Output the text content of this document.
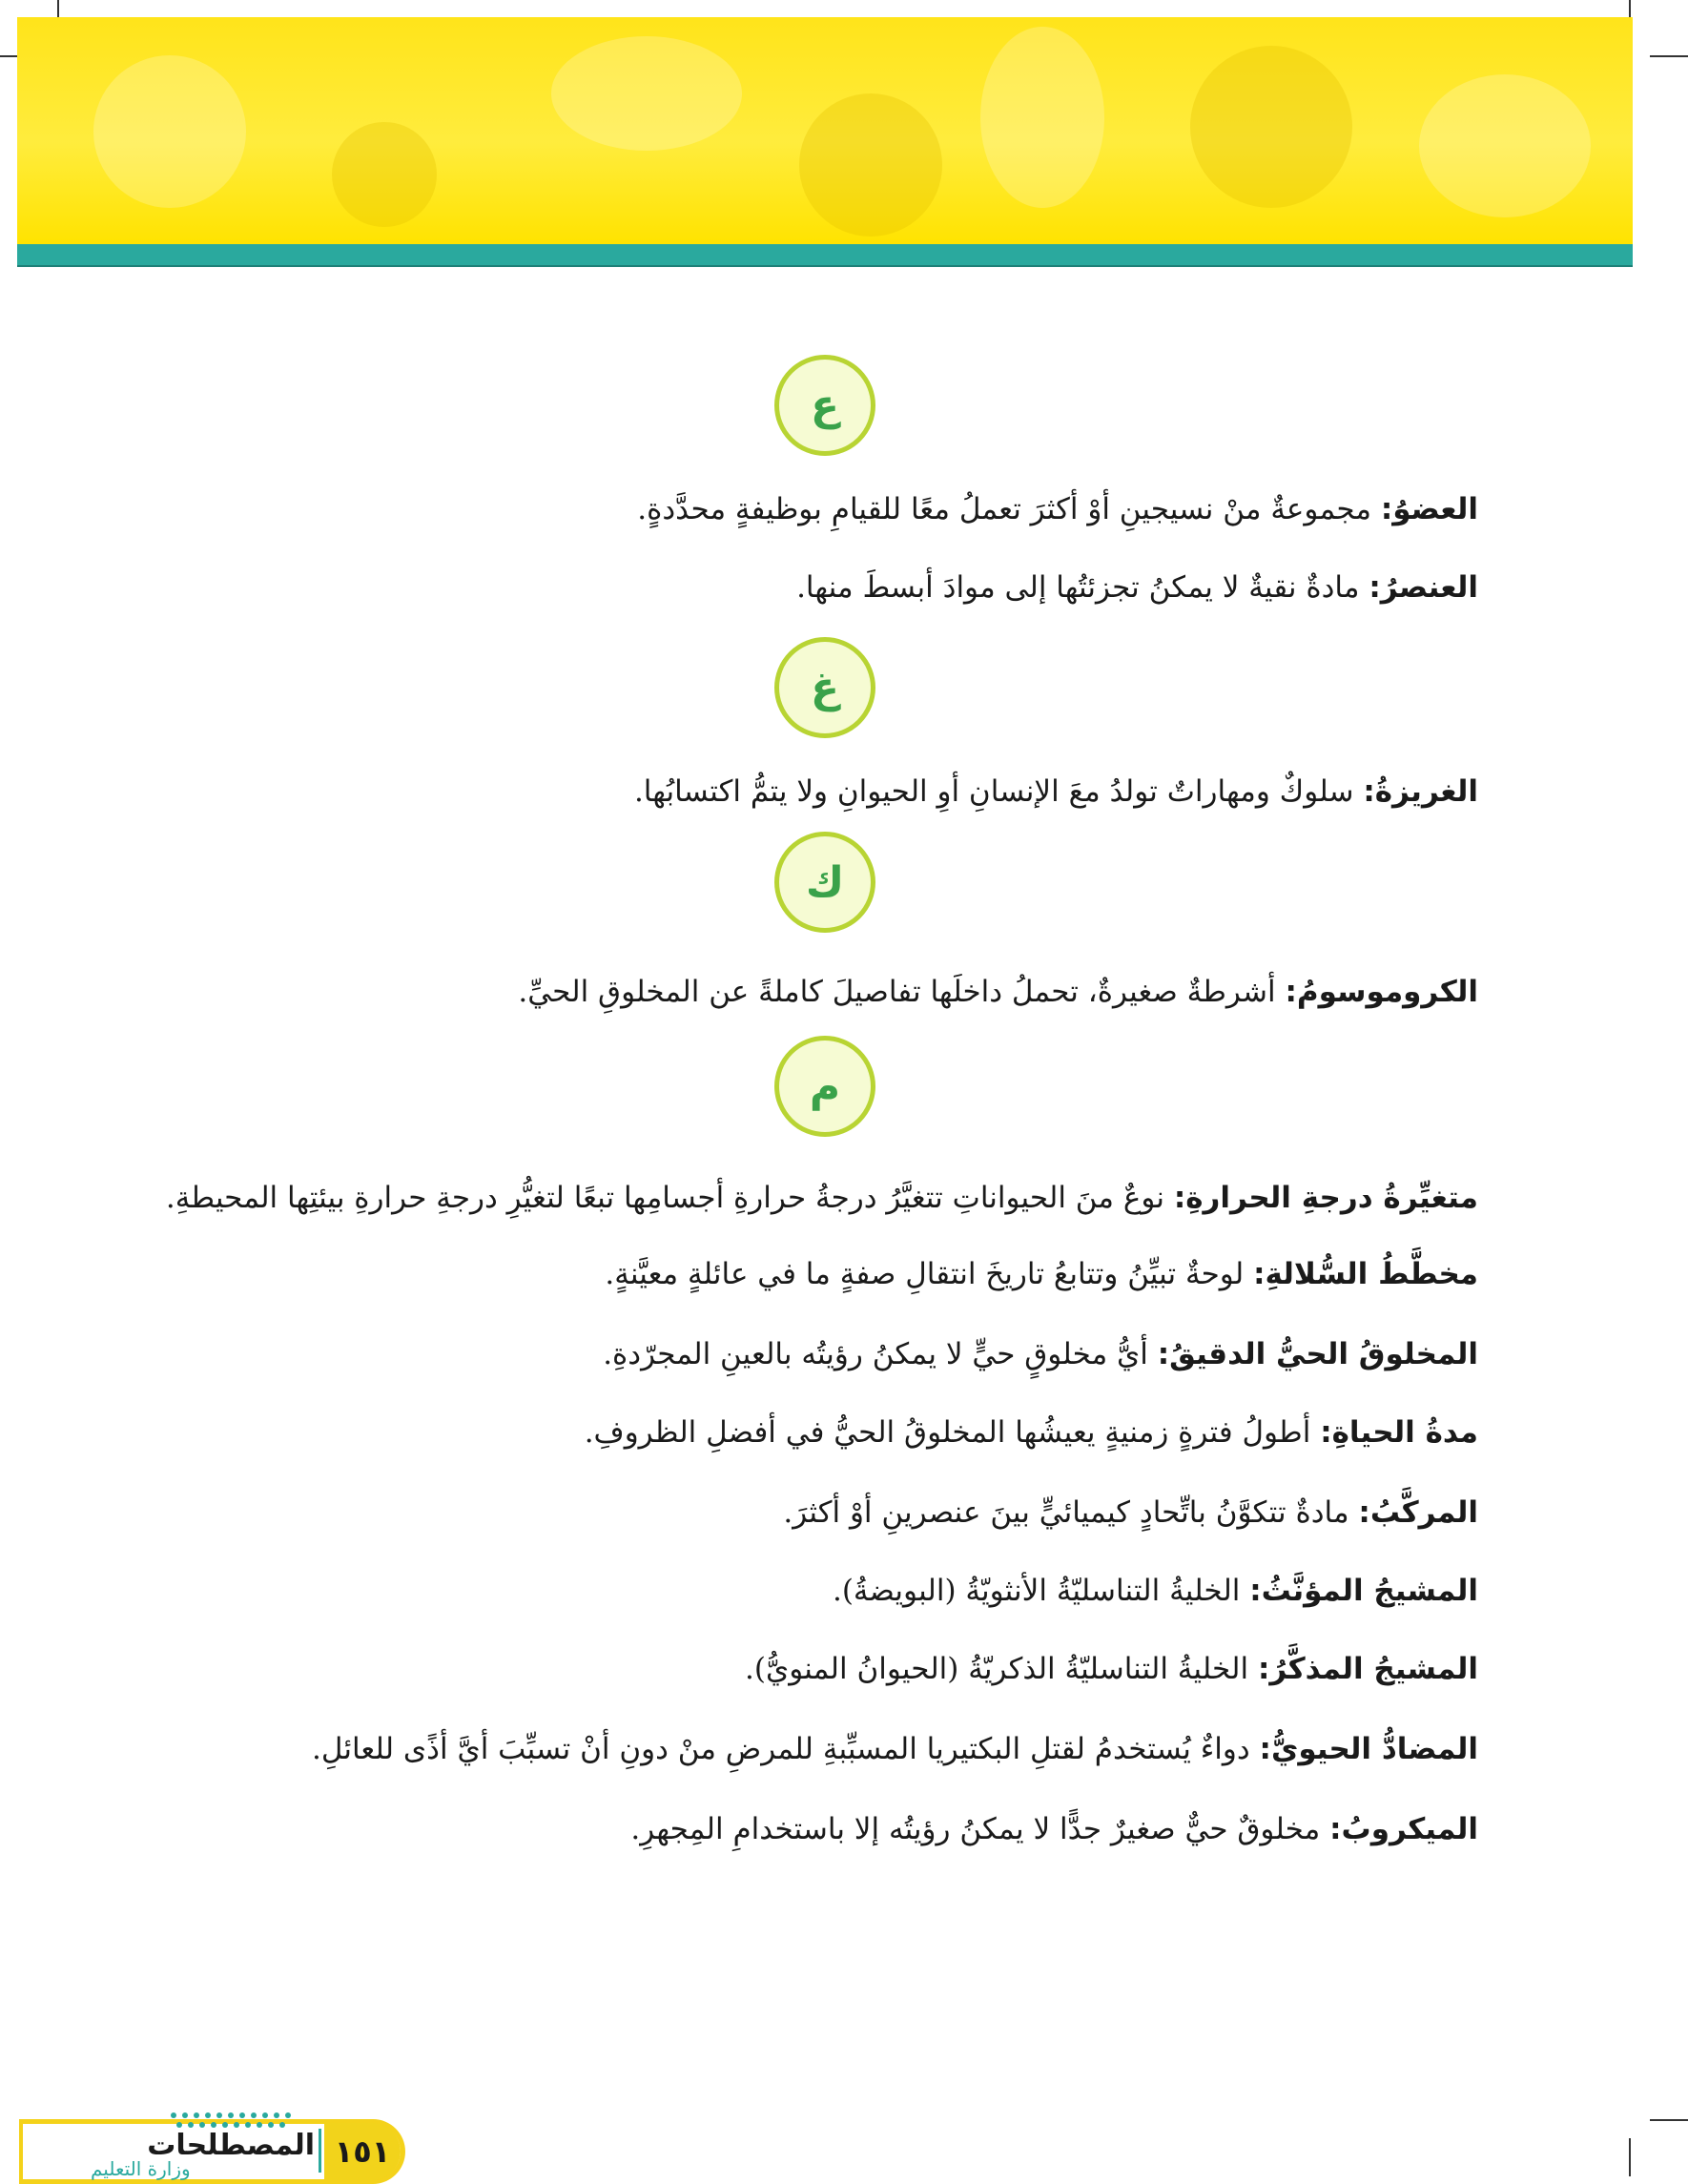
ع
غ
ك
م
العضوُ: مجموعةٌ منْ نسيجينِ أوْ أكثرَ تعملُ معًا للقيامِ بوظيفةٍ محدَّدةٍ.
العنصرُ: مادةٌ نقيةٌ لا يمكنُ تجزئتُها إلى موادَ أبسطَ منها.
الغريزةُ: سلوكٌ ومهاراتٌ تولدُ معَ الإنسانِ أوِ الحيوانِ ولا يتمُّ اكتسابُها.
الكروموسومُ: أشرطةٌ صغيرةٌ، تحملُ داخلَها تفاصيلَ كاملةً عن المخلوقِ الحيِّ.
متغيِّرةُ درجةِ الحرارةِ: نوعٌ منَ الحيواناتِ تتغيَّرُ درجةُ حرارةِ أجسامِها تبعًا لتغيُّرِ درجةِ حرارةِ بيئتِها المحيطةِ.
مخطَّطُ السُّلالةِ: لوحةٌ تبيِّنُ وتتابعُ تاريخَ انتقالِ صفةٍ ما في عائلةٍ معيَّنةٍ.
المخلوقُ الحيُّ الدقيقُ: أيُّ مخلوقٍ حيٍّ لا يمكنُ رؤيتُه بالعينِ المجرّدةِ.
مدةُ الحياةِ: أطولُ فترةٍ زمنيةٍ يعيشُها المخلوقُ الحيُّ في أفضلِ الظروفِ.
المركَّبُ: مادةٌ تتكوَّنُ باتِّحادٍ كيميائيٍّ بينَ عنصرينِ أوْ أكثرَ.
المشيجُ المؤنَّثُ: الخليةُ التناسليّةُ الأنثويّةُ (البويضةُ).
المشيجُ المذكَّرُ: الخليةُ التناسليّةُ الذكريّةُ (الحيوانُ المنويُّ).
المضادُّ الحيويُّ: دواءٌ يُستخدمُ لقتلِ البكتيريا المسبِّبةِ للمرضِ منْ دونِ أنْ تسبِّبَ أيَّ أذًى للعائلِ.
الميكروبُ: مخلوقٌ حيٌّ صغيرٌ جدًّا لا يمكنُ رؤيتُه إلا باستخدامِ المِجهرِ.
المصطلحات ١٥١
وزارة التعليم
